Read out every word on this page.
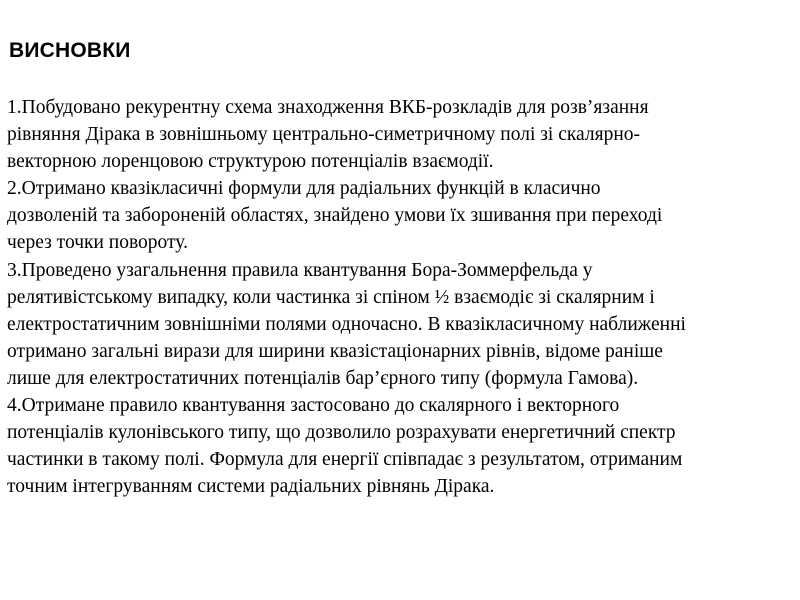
ВИСНОВКИ
1.Побудовано рекурентну схема знаходження ВКБ-розкладів для розв’язання
рівняння Дірака в зовнішньому центрально-симетричному полі зі скалярно-
векторною лоренцовою структурою потенціалів взаємодії.
2.Отримано квазікласичні формули для радіальних функцій в класично
дозволеній та забороненій областях, знайдено умови їх зшивання при переході
через точки повороту.
3.Проведено узагальнення правила квантування Бора-Зоммерфельда у
релятивістському випадку, коли частинка зі спіном ½ взаємодіє зі скалярним і
електростатичним зовнішніми полями одночасно. В квазікласичному наближенні
отримано загальні вирази для ширини квазістаціонарних рівнів, відоме раніше
лише для електростатичних потенціалів бар’єрного типу (формула Гамова).
4.Отримане правило квантування застосовано до скалярного і векторного
потенціалів кулонівського типу, що дозволило розрахувати енергетичний спектр
частинки в такому полі. Формула для енергії співпадає з результатом, отриманим
точним інтегруванням системи радіальних рівнянь Дірака.
